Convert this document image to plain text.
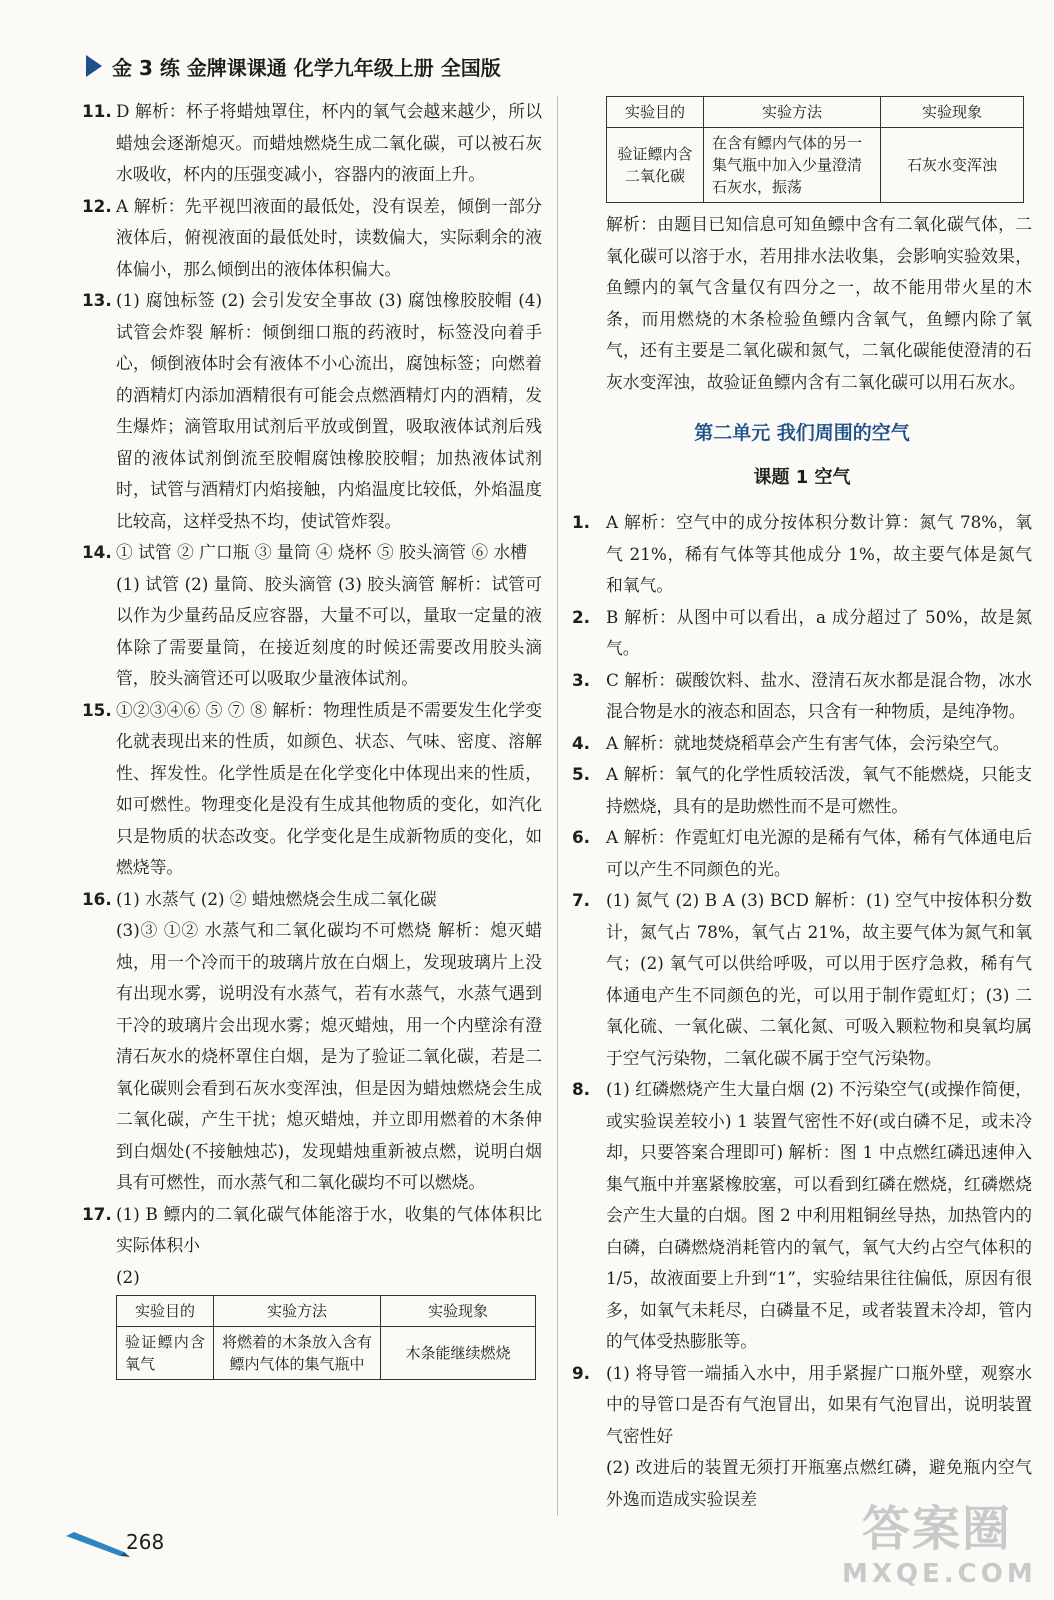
金 3 练 金牌课课通 化学九年级上册 全国版
11. D 解析：杯子将蜡烛罩住，杯内的氧气会越来越少，所以蜡烛会逐渐熄灭。而蜡烛燃烧生成二氧化碳，可以被石灰水吸收，杯内的压强变减小，容器内的液面上升。
12. A 解析：先平视凹液面的最低处，没有误差，倾倒一部分液体后，俯视液面的最低处时，读数偏大，实际剩余的液体偏小，那么倾倒出的液体体积偏大。
13. (1) 腐蚀标签 (2) 会引发安全事故 (3) 腐蚀橡胶胶帽 (4) 试管会炸裂 解析：倾倒细口瓶的药液时，标签没向着手心，倾倒液体时会有液体不小心流出，腐蚀标签；向燃着的酒精灯内添加酒精很有可能会点燃酒精灯内的酒精，发生爆炸；滴管取用试剂后平放或倒置，吸取液体试剂后残留的液体试剂倒流至胶帽腐蚀橡胶胶帽；加热液体试剂时，试管与酒精灯内焰接触，内焰温度比较低，外焰温度比较高，这样受热不均，使试管炸裂。
14. ① 试管 ② 广口瓶 ③ 量筒 ④ 烧杯 ⑤ 胶头滴管 ⑥ 水槽
(1) 试管 (2) 量筒、胶头滴管 (3) 胶头滴管 解析：试管可以作为少量药品反应容器，大量不可以，量取一定量的液体除了需要量筒，在接近刻度的时候还需要改用胶头滴管，胶头滴管还可以吸取少量液体试剂。
15. ①②③④⑥ ⑤ ⑦ ⑧ 解析：物理性质是不需要发生化学变化就表现出来的性质，如颜色、状态、气味、密度、溶解性、挥发性。化学性质是在化学变化中体现出来的性质，如可燃性。物理变化是没有生成其他物质的变化，如汽化只是物质的状态改变。化学变化是生成新物质的变化，如燃烧等。
16. (1) 水蒸气 (2) ② 蜡烛燃烧会生成二氧化碳
(3)③ ①② 水蒸气和二氧化碳均不可燃烧 解析：熄灭蜡烛，用一个冷而干的玻璃片放在白烟上，发现玻璃片上没有出现水雾，说明没有水蒸气，若有水蒸气，水蒸气遇到干冷的玻璃片会出现水雾；熄灭蜡烛，用一个内壁涂有澄清石灰水的烧杯罩住白烟，是为了验证二氧化碳，若是二氧化碳则会看到石灰水变浑浊，但是因为蜡烛燃烧会生成二氧化碳，产生干扰；熄灭蜡烛，并立即用燃着的木条伸到白烟处(不接触烛芯)，发现蜡烛重新被点燃，说明白烟具有可燃性，而水蒸气和二氧化碳均不可以燃烧。
17. (1) B 鳔内的二氧化碳气体能溶于水，收集的气体体积比实际体积小
(2)
实验目的	实验方法	实验现象
验证鳔内含氧气	将燃着的木条放入含有鳔内气体的集气瓶中	木条能继续燃烧
实验目的	实验方法	实验现象
验证鳔内含二氧化碳	在含有鳔内气体的另一集气瓶中加入少量澄清石灰水，振荡	石灰水变浑浊
解析：由题目已知信息可知鱼鳔中含有二氧化碳气体，二氧化碳可以溶于水，若用排水法收集，会影响实验效果，鱼鳔内的氧气含量仅有四分之一，故不能用带火星的木条，而用燃烧的木条检验鱼鳔内含氧气，鱼鳔内除了氧气，还有主要是二氧化碳和氮气，二氧化碳能使澄清的石灰水变浑浊，故验证鱼鳔内含有二氧化碳可以用石灰水。
第二单元 我们周围的空气
课题 1 空气
1. A 解析：空气中的成分按体积分数计算：氮气 78%，氧气 21%，稀有气体等其他成分 1%，故主要气体是氮气和氧气。
2. B 解析：从图中可以看出，a 成分超过了 50%，故是氮气。
3. C 解析：碳酸饮料、盐水、澄清石灰水都是混合物，冰水混合物是水的液态和固态，只含有一种物质，是纯净物。
4. A 解析：就地焚烧稻草会产生有害气体，会污染空气。
5. A 解析：氧气的化学性质较活泼，氧气不能燃烧，只能支持燃烧，具有的是助燃性而不是可燃性。
6. A 解析：作霓虹灯电光源的是稀有气体，稀有气体通电后可以产生不同颜色的光。
7. (1) 氮气 (2) B A (3) BCD 解析：(1) 空气中按体积分数计，氮气占 78%，氧气占 21%，故主要气体为氮气和氧气；(2) 氧气可以供给呼吸，可以用于医疗急救，稀有气体通电产生不同颜色的光，可以用于制作霓虹灯；(3) 二氧化硫、一氧化碳、二氧化氮、可吸入颗粒物和臭氧均属于空气污染物，二氧化碳不属于空气污染物。
8. (1) 红磷燃烧产生大量白烟 (2) 不污染空气(或操作简便，或实验误差较小) 1 装置气密性不好(或白磷不足，或未冷却，只要答案合理即可) 解析：图 1 中点燃红磷迅速伸入集气瓶中并塞紧橡胶塞，可以看到红磷在燃烧，红磷燃烧会产生大量的白烟。图 2 中利用粗铜丝导热，加热管内的白磷，白磷燃烧消耗管内的氧气，氧气大约占空气体积的 1/5，故液面要上升到“1”，实验结果往往偏低，原因有很多，如氧气未耗尽，白磷量不足，或者装置未冷却，管内的气体受热膨胀等。
9. (1) 将导管一端插入水中，用手紧握广口瓶外壁，观察水中的导管口是否有气泡冒出，如果有气泡冒出，说明装置气密性好
(2) 改进后的装置无须打开瓶塞点燃红磷，避免瓶内空气外逸而造成实验误差
268	答案圈
MXQE.COM
